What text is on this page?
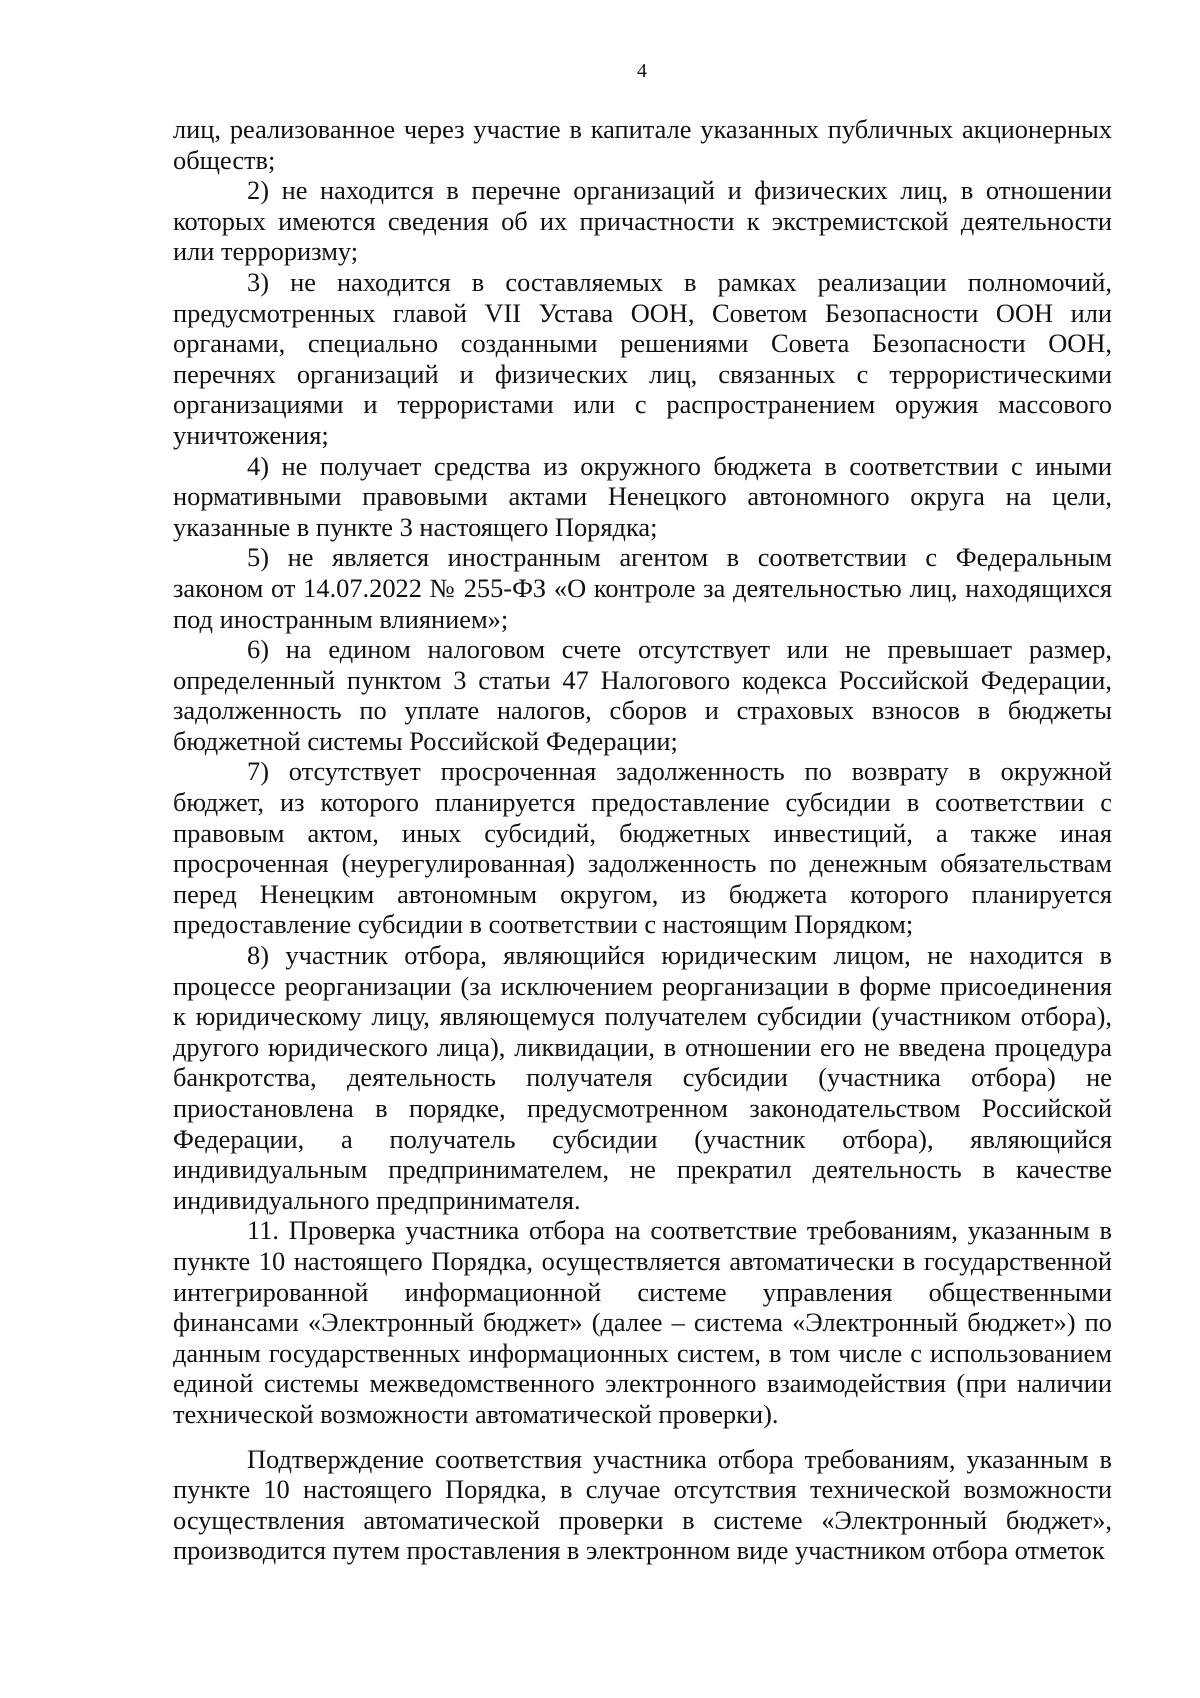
4

лиц, реализованное через участие в капитале указанных публичных акционерных обществ;

2) не находится в перечне организаций и физических лиц, в отношении которых имеются сведения об их причастности к экстремистской деятельности или терроризму;

3) не находится в составляемых в рамках реализации полномочий, предусмотренных главой VII Устава ООН, Советом Безопасности ООН или органами, специально созданными решениями Совета Безопасности ООН, перечнях организаций и физических лиц, связанных с террористическими организациями и террористами или с распространением оружия массового уничтожения;

4) не получает средства из окружного бюджета в соответствии с иными нормативными правовыми актами Ненецкого автономного округа на цели, указанные в пункте 3 настоящего Порядка;

5) не является иностранным агентом в соответствии с Федеральным законом от 14.07.2022 № 255-ФЗ «О контроле за деятельностью лиц, находящихся под иностранным влиянием»;

6) на едином налоговом счете отсутствует или не превышает размер, определенный пунктом 3 статьи 47 Налогового кодекса Российской Федерации, задолженность по уплате налогов, сборов и страховых взносов в бюджеты бюджетной системы Российской Федерации;

7) отсутствует просроченная задолженность по возврату в окружной бюджет, из которого планируется предоставление субсидии в соответствии с правовым актом, иных субсидий, бюджетных инвестиций, а также иная просроченная (неурегулированная) задолженность по денежным обязательствам перед Ненецким автономным округом, из бюджета которого планируется предоставление субсидии в соответствии с настоящим Порядком;

8) участник отбора, являющийся юридическим лицом, не находится в процессе реорганизации (за исключением реорганизации в форме присоединения к юридическому лицу, являющемуся получателем субсидии (участником отбора), другого юридического лица), ликвидации, в отношении его не введена процедура банкротства, деятельность получателя субсидии (участника отбора) не приостановлена в порядке, предусмотренном законодательством Российской Федерации, а получатель субсидии (участник отбора), являющийся индивидуальным предпринимателем, не прекратил деятельность в качестве индивидуального предпринимателя.

11. Проверка участника отбора на соответствие требованиям, указанным в пункте 10 настоящего Порядка, осуществляется автоматически в государственной интегрированной информационной системе управления общественными финансами «Электронный бюджет» (далее – система «Электронный бюджет») по данным государственных информационных систем, в том числе с использованием единой системы межведомственного электронного взаимодействия (при наличии технической возможности автоматической проверки).

Подтверждение соответствия участника отбора требованиям, указанным в пункте 10 настоящего Порядка, в случае отсутствия технической возможности осуществления автоматической проверки в системе «Электронный бюджет», производится путем проставления в электронном виде участником отбора отметок
